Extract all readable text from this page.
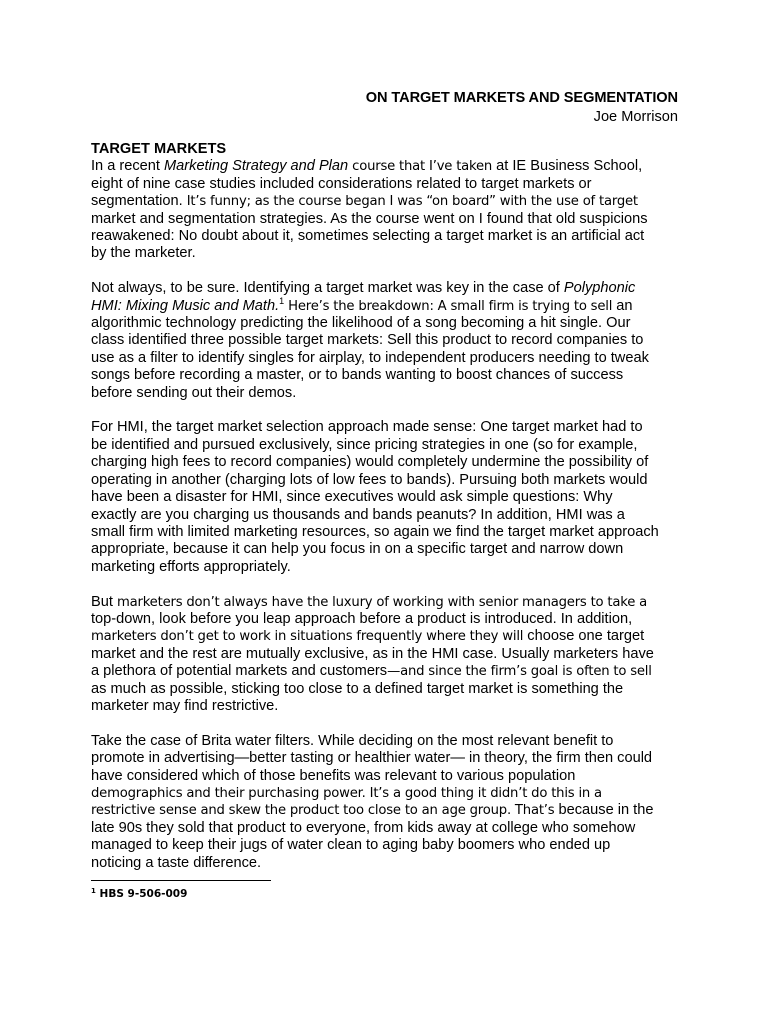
ON TARGET MARKETS AND SEGMENTATION
Joe Morrison
TARGET MARKETS

In a recent Marketing Strategy and Plan course that I’ve taken at IE Business School,
eight of nine case studies included considerations related to target markets or
segmentation. It’s funny; as the course began I was “on board” with the use of target
market and segmentation strategies. As the course went on I found that old suspicions
reawakened: No doubt about it, sometimes selecting a target market is an artificial act
by the marketer.

Not always, to be sure. Identifying a target market was key in the case of Polyphonic
HMI: Mixing Music and Math.$^1$ Here’s the breakdown: A small firm is trying to sell an
algorithmic technology predicting the likelihood of a song becoming a hit single. Our
class identified three possible target markets: Sell this product to record companies to
use as a filter to identify singles for airplay, to independent producers needing to tweak
songs before recording a master, or to bands wanting to boost chances of success
before sending out their demos.

For HMI, the target market selection approach made sense: One target market had to
be identified and pursued exclusively, since pricing strategies in one (so for example,
charging high fees to record companies) would completely undermine the possibility of
operating in another (charging lots of low fees to bands). Pursuing both markets would
have been a disaster for HMI, since executives would ask simple questions: Why
exactly are you charging us thousands and bands peanuts? In addition, HMI was a
small firm with limited marketing resources, so again we find the target market approach
appropriate, because it can help you focus in on a specific target and narrow down
marketing efforts appropriately.

But marketers don’t always have the luxury of working with senior managers to take a
top-down, look before you leap approach before a product is introduced. In addition,
marketers don’t get to work in situations frequently where they will choose one target
market and the rest are mutually exclusive, as in the HMI case. Usually marketers have
a plethora of potential markets and customers—and since the firm’s goal is often to sell
as much as possible, sticking too close to a defined target market is something the
marketer may find restrictive.

Take the case of Brita water filters. While deciding on the most relevant benefit to
promote in advertising—better tasting or healthier water— in theory, the firm then could
have considered which of those benefits was relevant to various population
demographics and their purchasing power. It’s a good thing it didn’t do this in a
restrictive sense and skew the product too close to an age group. That’s because in the
late 90s they sold that product to everyone, from kids away at college who somehow
managed to keep their jugs of water clean to aging baby boomers who ended up
noticing a taste difference.

$^1$ HBS 9-506-009
